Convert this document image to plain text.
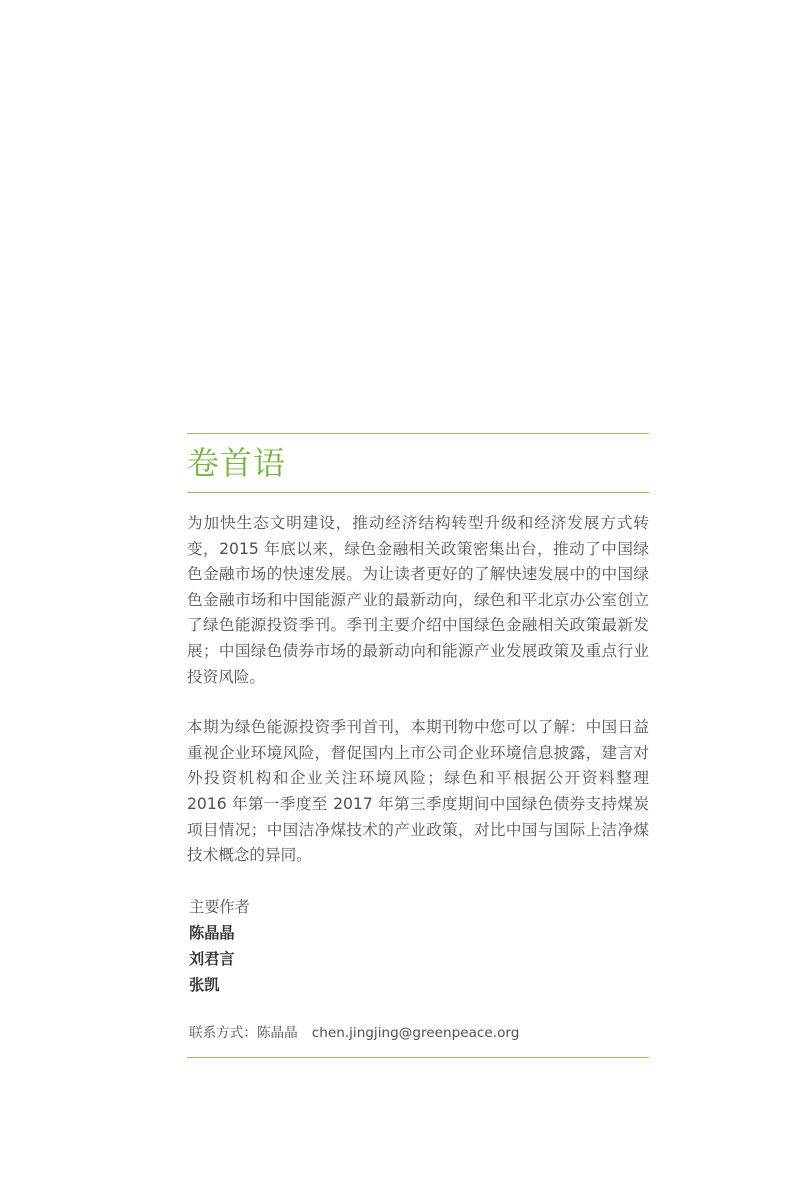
卷首语

为加快生态文明建设，推动经济结构转型升级和经济发展方式转变，2015 年底以来，绿色金融相关政策密集出台，推动了中国绿色金融市场的快速发展。为让读者更好的了解快速发展中的中国绿色金融市场和中国能源产业的最新动向，绿色和平北京办公室创立了绿色能源投资季刊。季刊主要介绍中国绿色金融相关政策最新发展；中国绿色债券市场的最新动向和能源产业发展政策及重点行业投资风险。

本期为绿色能源投资季刊首刊，本期刊物中您可以了解：中国日益重视企业环境风险，督促国内上市公司企业环境信息披露，建言对外投资机构和企业关注环境风险；绿色和平根据公开资料整理 2016 年第一季度至 2017 年第三季度期间中国绿色债券支持煤炭项目情况；中国洁净煤技术的产业政策，对比中国与国际上洁净煤技术概念的异同。

主要作者
陈晶晶
刘君言
张凯
联系方式：陈晶晶 chen.jingjing@greenpeace.org
